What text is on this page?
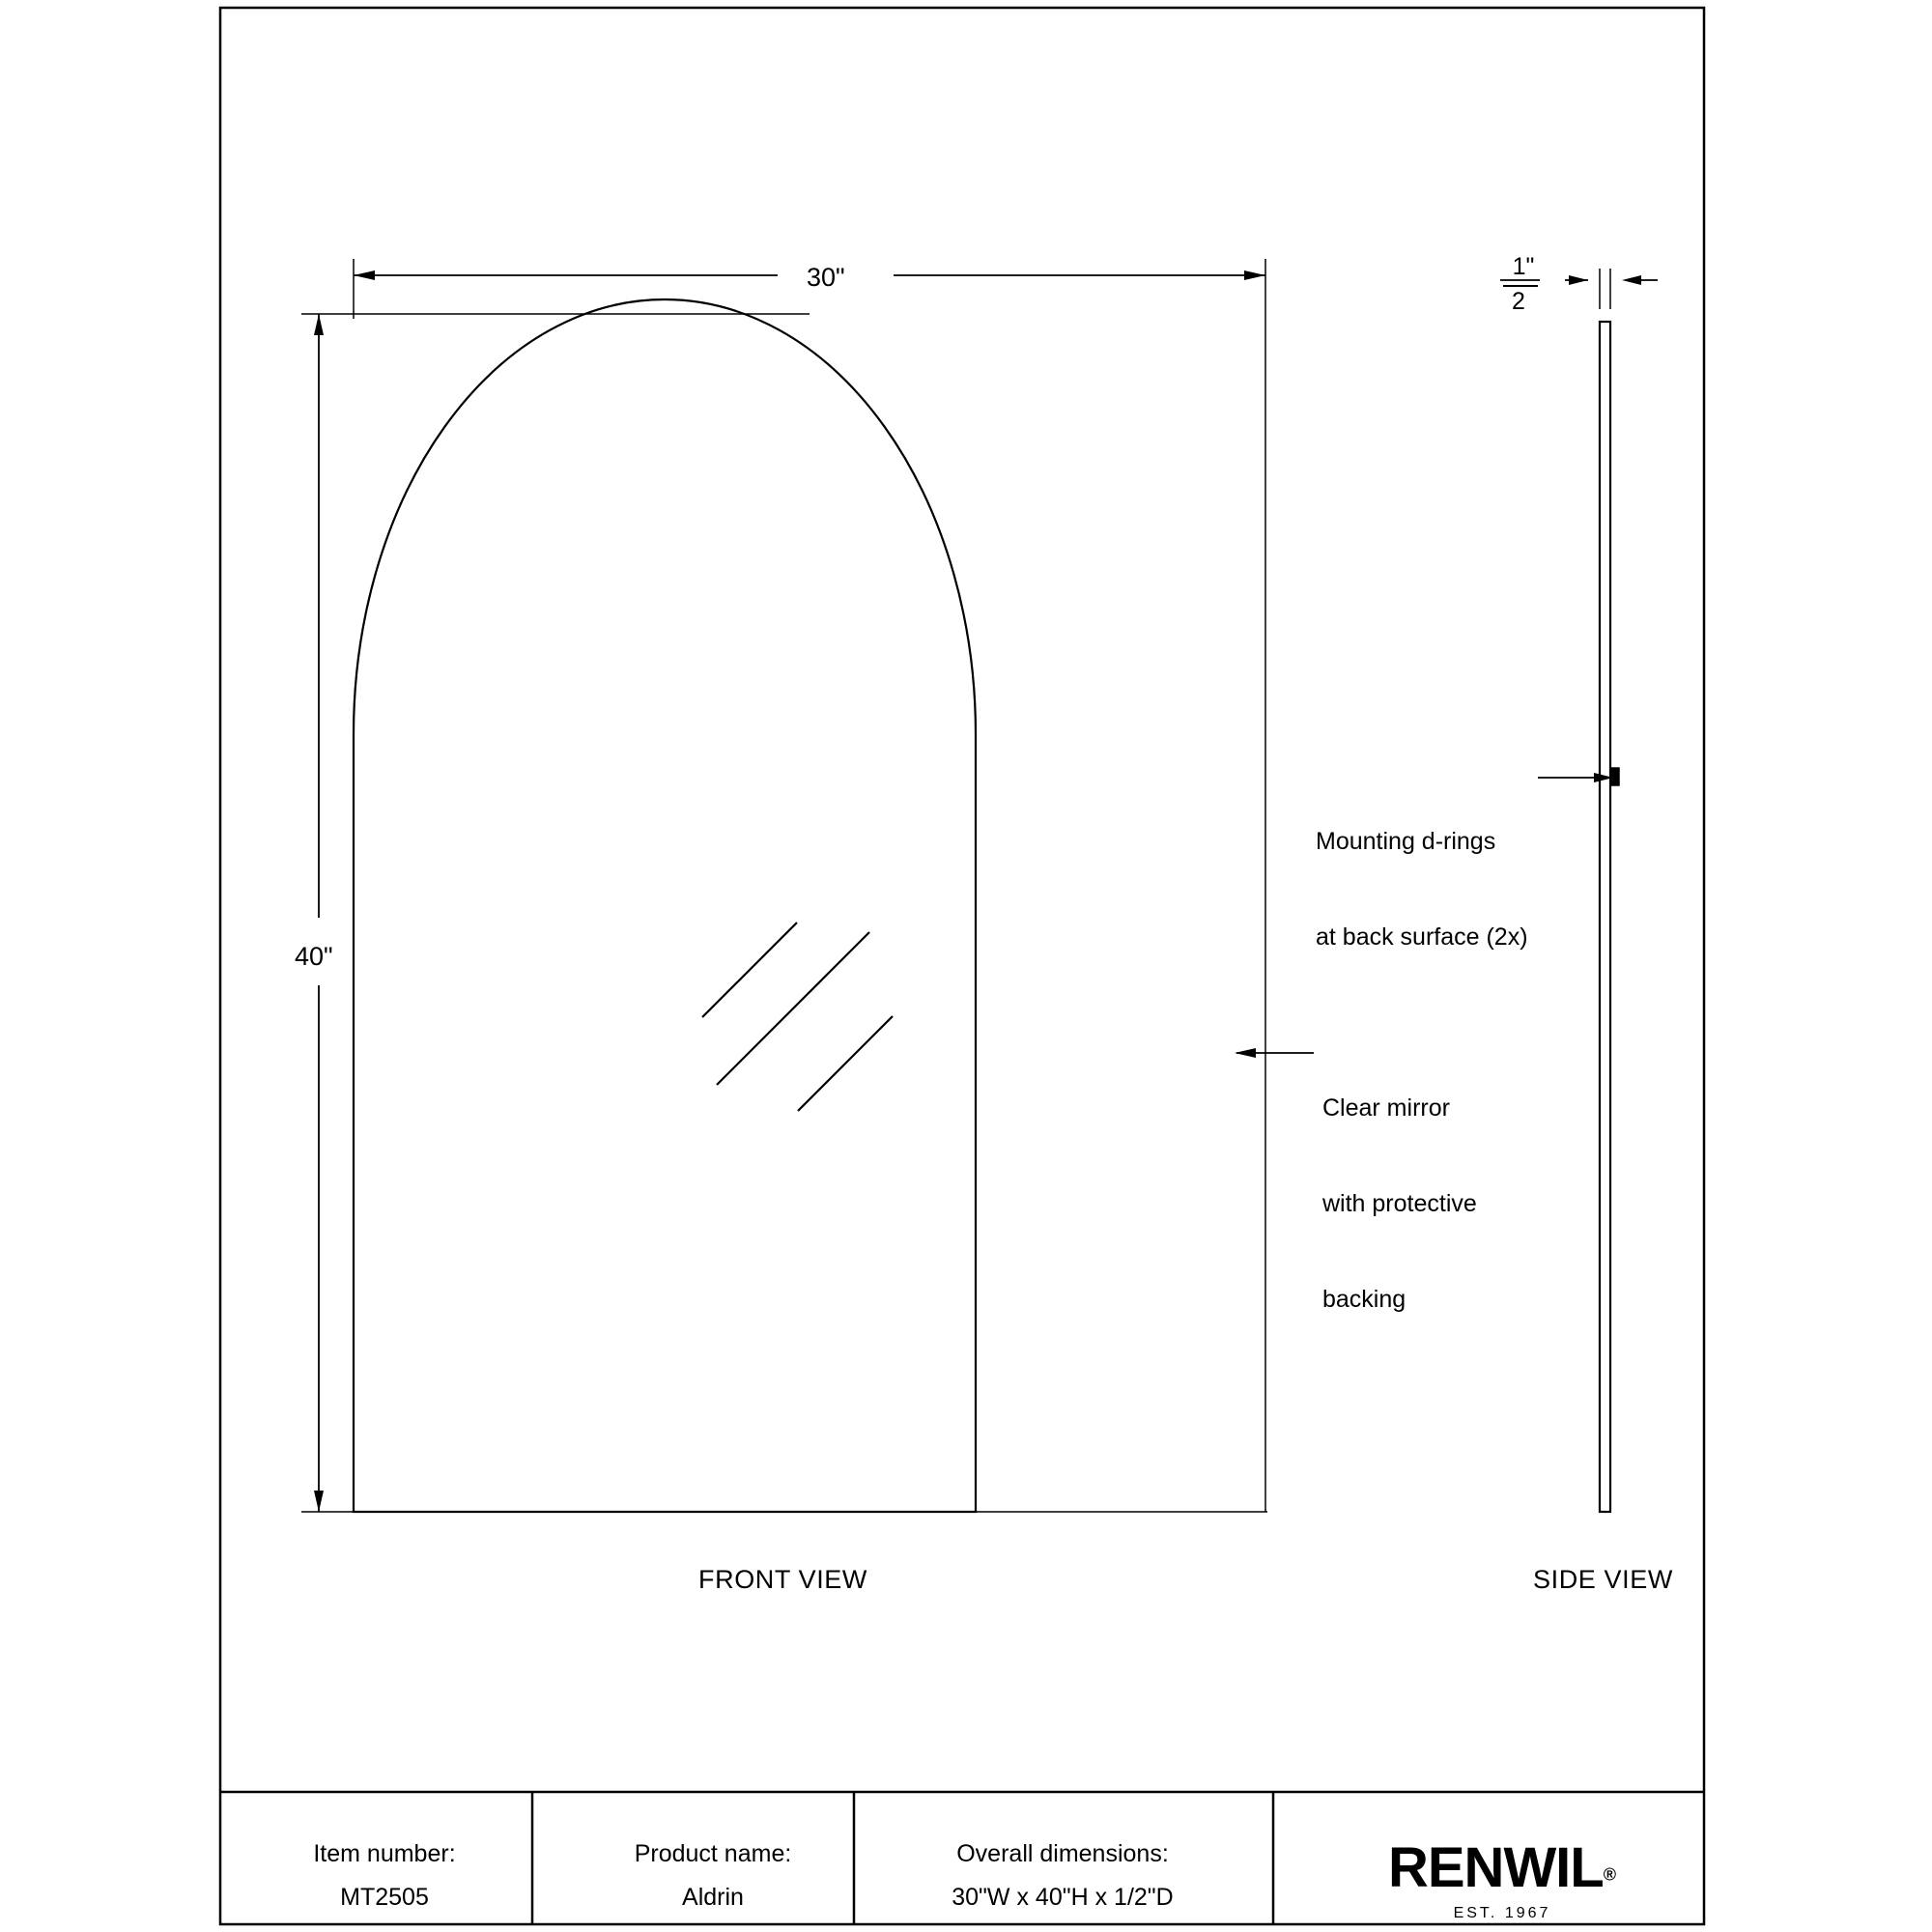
30"
40"
1"
2

Mounting d-rings

at back surface (2x)

Clear mirror

with protective

backing

FRONT VIEW	SIDE VIEW
Item number:
MT2505
Product name:
Aldrin
Overall dimensions:
30"W x 40"H x 1/2"D	RENWIL®
EST. 1967
